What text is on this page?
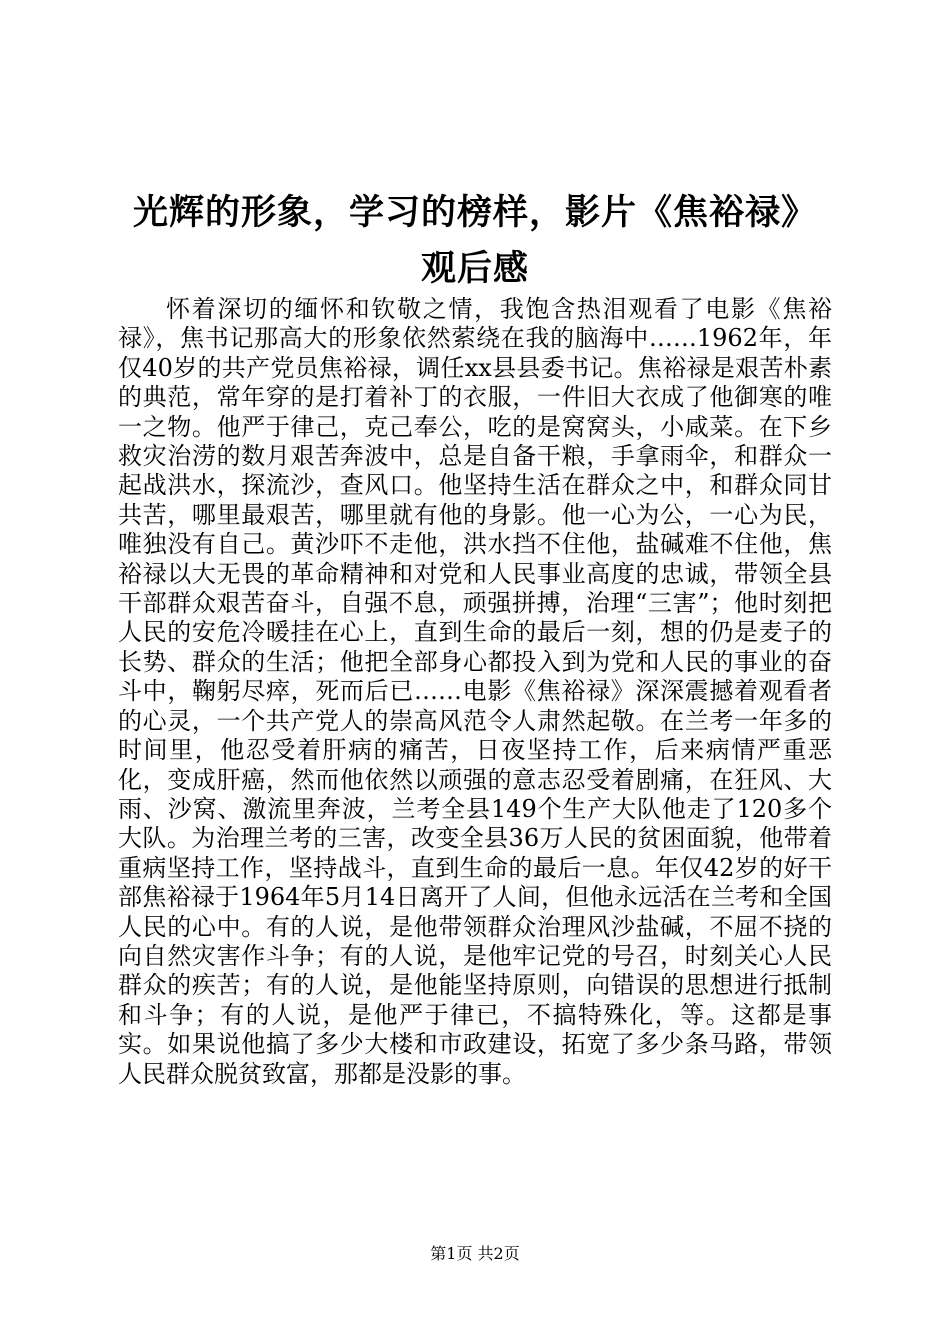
光辉的形象，学习的榜样，影片《焦裕禄》观后感

怀着深切的缅怀和钦敬之情，我饱含热泪观看了电影《焦裕禄》，焦书记那高大的形象依然萦绕在我的脑海中……1962年，年仅40岁的共产党员焦裕禄，调任xx县县委书记。焦裕禄是艰苦朴素的典范，常年穿的是打着补丁的衣服，一件旧大衣成了他御寒的唯一之物。他严于律己，克己奉公，吃的是窝窝头，小咸菜。在下乡救灾治涝的数月艰苦奔波中，总是自备干粮，手拿雨伞，和群众一起战洪水，探流沙，查风口。他坚持生活在群众之中，和群众同甘共苦，哪里最艰苦，哪里就有他的身影。他一心为公，一心为民，唯独没有自己。黄沙吓不走他，洪水挡不住他，盐碱难不住他，焦裕禄以大无畏的革命精神和对党和人民事业高度的忠诚，带领全县干部群众艰苦奋斗，自强不息，顽强拼搏，治理“三害”；他时刻把人民的安危冷暖挂在心上，直到生命的最后一刻，想的仍是麦子的长势、群众的生活；他把全部身心都投入到为党和人民的事业的奋斗中，鞠躬尽瘁，死而后已……电影《焦裕禄》深深震撼着观看者的心灵，一个共产党人的崇高风范令人肃然起敬。在兰考一年多的时间里，他忍受着肝病的痛苦，日夜坚持工作，后来病情严重恶化，变成肝癌，然而他依然以顽强的意志忍受着剧痛，在狂风、大雨、沙窝、激流里奔波，兰考全县149个生产大队他走了120多个大队。为治理兰考的三害，改变全县36万人民的贫困面貌，他带着重病坚持工作，坚持战斗，直到生命的最后一息。年仅42岁的好干部焦裕禄于1964年5月14日离开了人间，但他永远活在兰考和全国人民的心中。有的人说，是他带领群众治理风沙盐碱，不屈不挠的向自然灾害作斗争；有的人说，是他牢记党的号召，时刻关心人民群众的疾苦；有的人说，是他能坚持原则，向错误的思想进行抵制和斗争；有的人说，是他严于律已，不搞特殊化，等。这都是事实。如果说他搞了多少大楼和市政建设，拓宽了多少条马路，带领人民群众脱贫致富，那都是没影的事。

第1页 共2页
